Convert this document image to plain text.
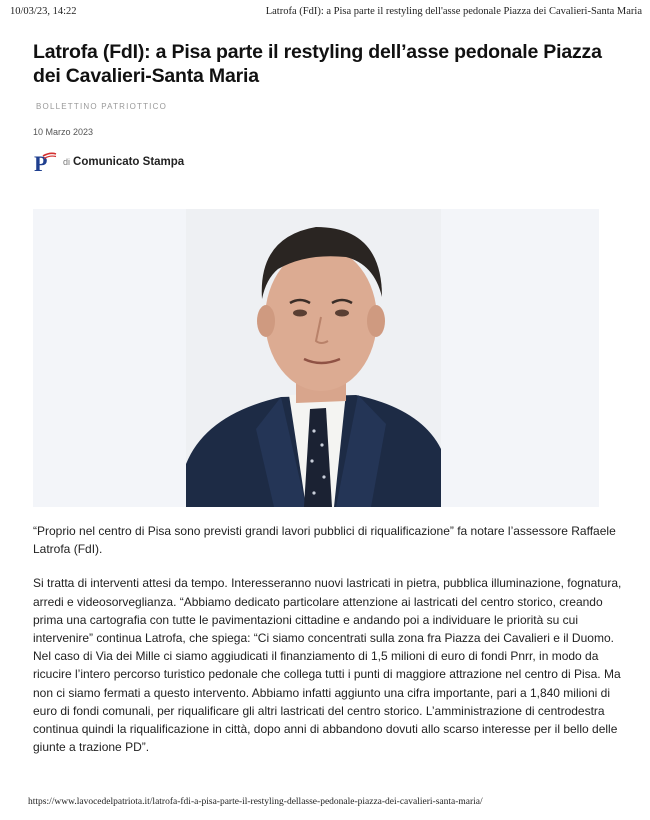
10/03/23, 14:22	Latrofa (FdI): a Pisa parte il restyling dell'asse pedonale Piazza dei Cavalieri-Santa Maria
Latrofa (FdI): a Pisa parte il restyling dell’asse pedonale Piazza dei Cavalieri-Santa Maria
BOLLETTINO PATRIOTTICO
10 Marzo 2023
P di Comunicato Stampa

“Proprio nel centro di Pisa sono previsti grandi lavori pubblici di riqualificazione” fa notare l’assessore Raffaele Latrofa (FdI).

Si tratta di interventi attesi da tempo. Interesseranno nuovi lastricati in pietra, pubblica illuminazione, fognatura, arredi e videosorveglianza. “Abbiamo dedicato particolare attenzione ai lastricati del centro storico, creando prima una cartografia con tutte le pavimentazioni cittadine e andando poi a individuare le priorità su cui intervenire” continua Latrofa, che spiega: “Ci siamo concentrati sulla zona fra Piazza dei Cavalieri e il Duomo. Nel caso di Via dei Mille ci siamo aggiudicati il finanziamento di 1,5 milioni di euro di fondi Pnrr, in modo da ricucire l’intero percorso turistico pedonale che collega tutti i punti di maggiore attrazione nel centro di Pisa. Ma non ci siamo fermati a questo intervento. Abbiamo infatti aggiunto una cifra importante, pari a 1,840 milioni di euro di fondi comunali, per riqualificare gli altri lastricati del centro storico. L’amministrazione di centrodestra continua quindi la riqualificazione in città, dopo anni di abbandono dovuti allo scarso interesse per il bello delle giunte a trazione PD”.

https://www.lavocedelpatriota.it/latrofa-fdi-a-pisa-parte-il-restyling-dellasse-pedonale-piazza-dei-cavalieri-santa-maria/
